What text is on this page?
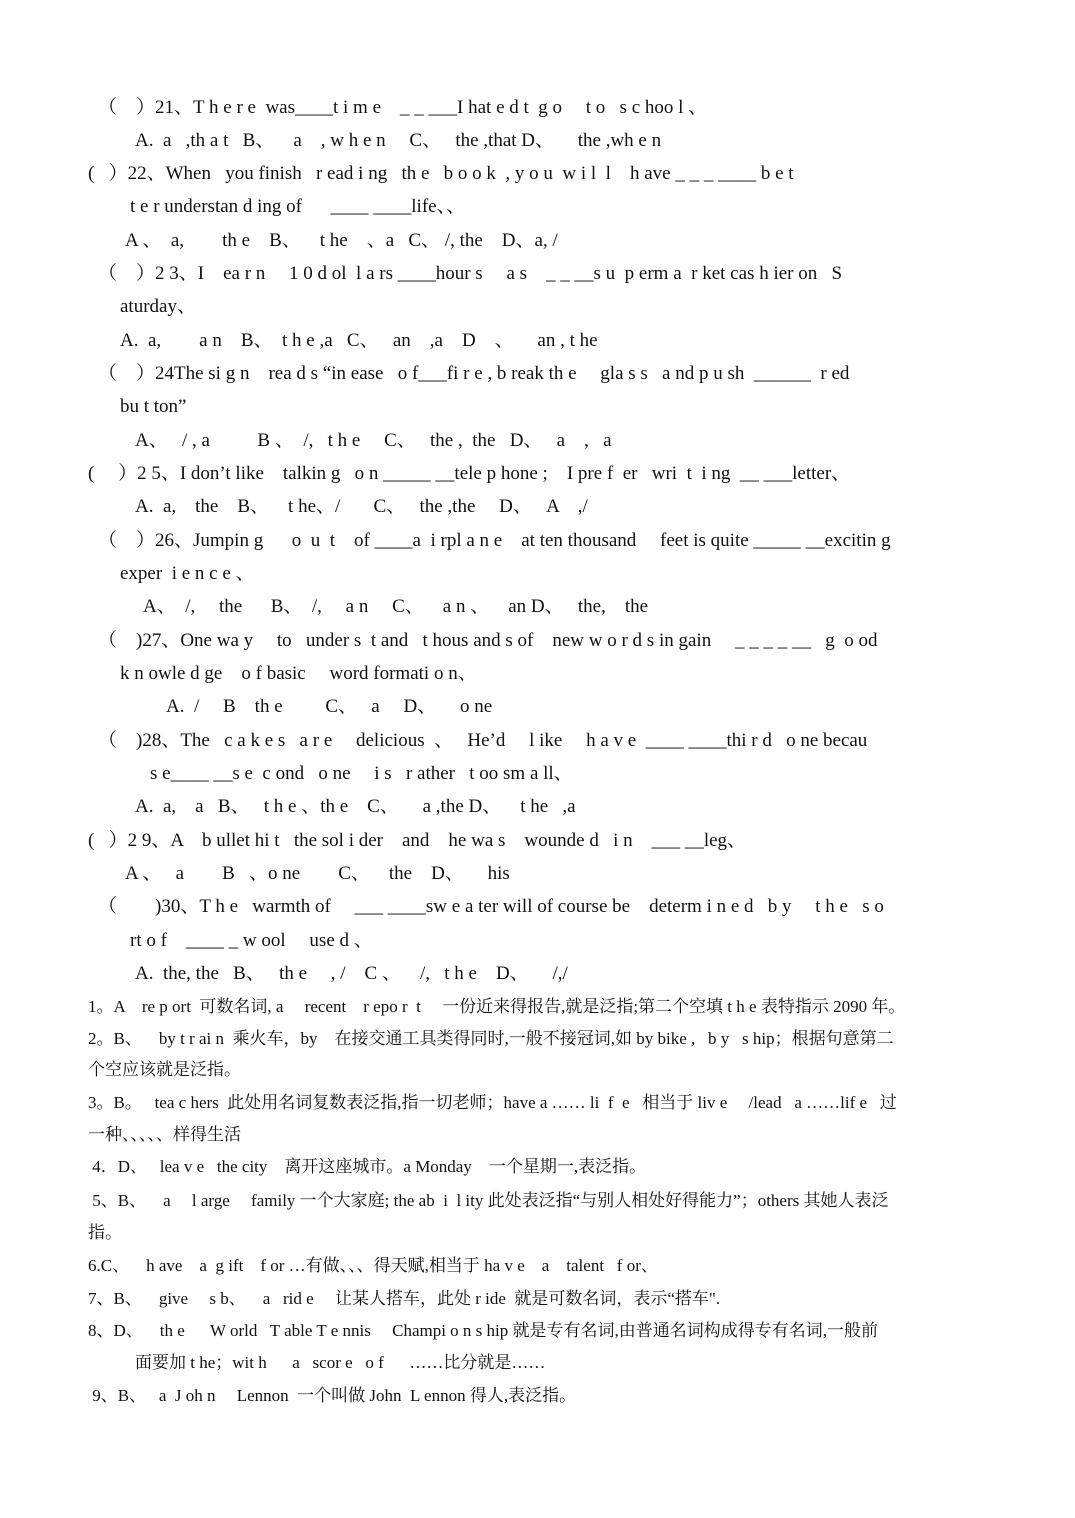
（　）21、T h e r e  was____t i m e    _ _ ___I hat e d t  g o     t o   s c hoo l 、
A.  a   ,th a t   B、    a    , w h e n     C、   the ,that D、     the ,wh e n
(   ）22、When   you finish   r ead i ng   th e   b o o k  , y o u  w i l  l    h ave _ _ _ ____ b e t
t e r understan d ing of      ____ ____life、、
A 、  a,        th e    B、    t he    、a   C、 /, the    D、a, /
（    ）2 3、I    ea r n     1 0 d ol  l a rs ____hour s     a s    _ _ __s u  p erm a  r ket cas h ier on   S
aturday、
A.  a,        a n    B、  t h e ,a   C、   an    ,a    D    、     an , t he
（    ）24The si g n    rea d s “in ease   o f___fi r e , b reak th e     gla s s   a nd p u sh  ______  r ed
bu t ton”
A、   / , a          B 、  /,   t h e     C、   the ,  the   D、   a    ,   a
(     ）2 5、I don’t like    talkin g   o n _____ __tele p hone ;    I pre f  er   wri  t  i ng  __ ___letter、
A.  a,    the    B、    t he、/       C、   the ,the     D、   A    ,/
（    ）26、Jumpin g      o  u  t    of ____a  i rpl a n e    at ten thousand     feet is quite _____ __excitin g
exper  i e n c e 、
A、  /,     the      B、  /,     a n     C、    a n 、    an D、   the,    the
（    )27、One wa y     to   under s  t and   t hous and s of    new w o r d s in gain     _ _ _ _ __   g  o od
k n owle d ge    o f basic     word formati o n、
A.  /     B    th e         C、   a     D、     o ne
（    )28、The   c a k e s   a r e     delicious  、   He’d     l ike     h a v e  ____ ____thi r d   o ne becau
s e____ __s e  c ond   o ne     i s   r ather   t oo sm a ll、
A.  a,    a   B、   t h e 、th e    C、     a ,the D、    t he   ,a
(   ）2 9、A    b ullet hi t   the sol i der    and    he wa s    wounde d   i n    ___ __leg、
A 、   a        B   、o ne        C、    the    D、     his
（        )30、T h e   warmth of     ___ ____sw e a ter will of course be    determ i n e d   b y     t h e   s o
rt o f    ____ _ w ool     use d 、
A.  the, the   B、   th e     , /    C 、    /,   t h e    D、     /,/
1。A    re p ort  可数名词, a     recent    r epo r  t     一份近来得报告,就是泛指;第二个空填 t h e 表特指示 2090 年。
2。B、    by t r ai n  乘火车，by    在接交通工具类得同时,一般不接冠词,如 by bike ,   b y   s hip；根据句意第二
个空应该就是泛指。
3。B。   tea c hers  此处用名词复数表泛指,指一切老师；have a …… li  f  e   相当于 liv e     /lead   a ……lif e   过
一种、、、、、样得生活
4．D、   lea v e   the city    离开这座城市。a Monday    一个星期一,表泛指。
5、B、    a     l arge     family 一个大家庭; the ab  i  l ity 此处表泛指“与别人相处好得能力”；others 其她人表泛
指。
6.C、    h ave    a  g ift    f or …有做、、、得天赋,相当于 ha v e    a    talent   f or、
7、B、    give     s b、    a   rid e     让某人搭车，此处 r ide  就是可数名词，表示“搭车".
8、D、    th e      W orld   T able T e nnis     Champi o n s hip 就是专有名词,由普通名词构成得专有名词,一般前
面要加 t he；wit h      a   scor e   o f      ……比分就是……
9、B、   a  J oh n     Lennon  一个叫做 John  L ennon 得人,表泛指。
